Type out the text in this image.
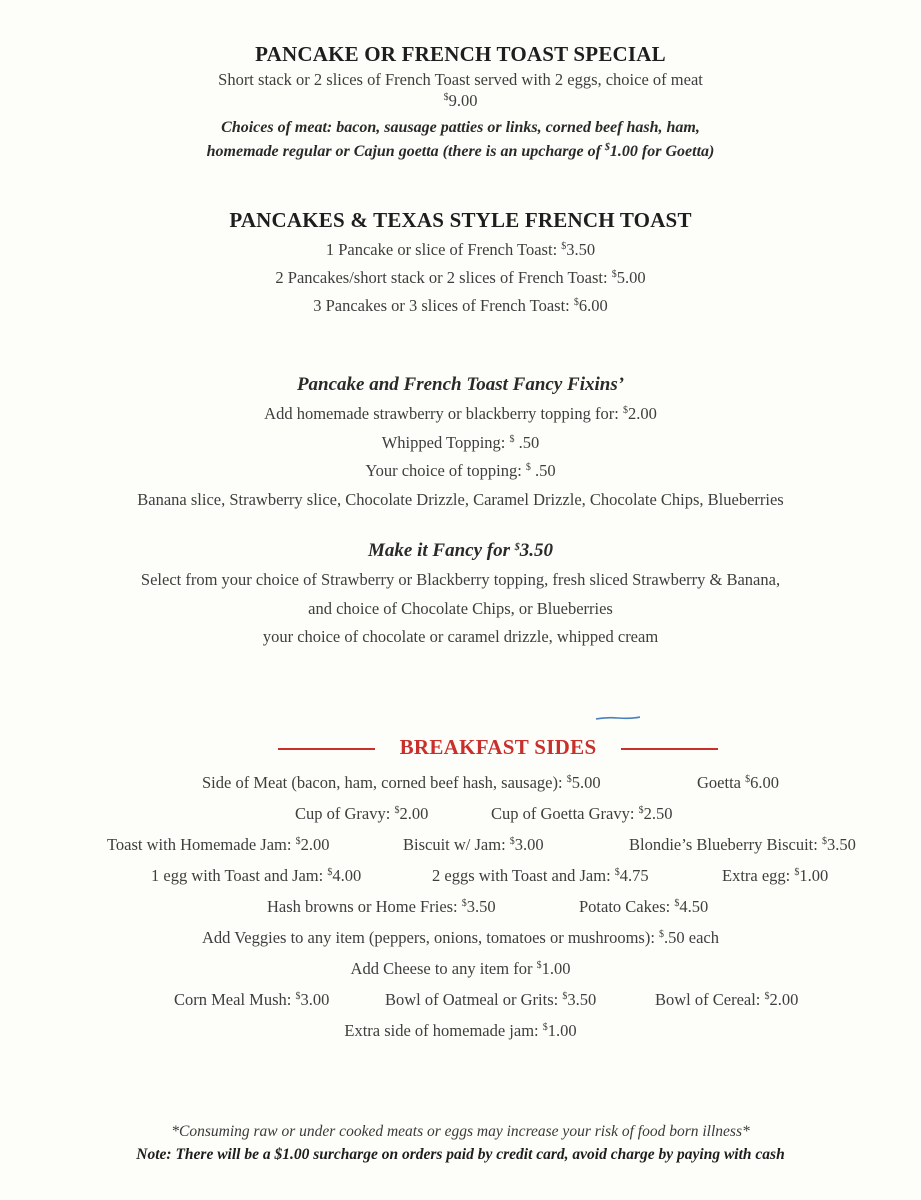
PANCAKE OR FRENCH TOAST SPECIAL
Short stack or 2 slices of French Toast served with 2 eggs, choice of meat
$9.00
Choices of meat: bacon, sausage patties or links, corned beef hash, ham,
homemade regular or Cajun goetta (there is an upcharge of $1.00 for Goetta)
PANCAKES & TEXAS STYLE FRENCH TOAST
1 Pancake or slice of French Toast: $3.50
2 Pancakes/short stack or 2 slices of French Toast: $5.00
3 Pancakes or 3 slices of French Toast: $6.00
Pancake and French Toast Fancy Fixins’
Add homemade strawberry or blackberry topping for: $2.00
Whipped Topping: $ .50
Your choice of topping: $ .50
Banana slice, Strawberry slice, Chocolate Drizzle, Caramel Drizzle, Chocolate Chips, Blueberries
Make it Fancy for $3.50
Select from your choice of Strawberry or Blackberry topping, fresh sliced Strawberry & Banana,
and choice of Chocolate Chips, or Blueberries
your choice of chocolate or caramel drizzle, whipped cream
BREAKFAST SIDES
Side of Meat (bacon, ham, corned beef hash, sausage): $5.00	Goetta $6.00
Cup of Gravy: $2.00	Cup of Goetta Gravy: $2.50
Toast with Homemade Jam: $2.00	Biscuit w/ Jam: $3.00	Blondie’s Blueberry Biscuit: $3.50
1 egg with Toast and Jam: $4.00	2 eggs with Toast and Jam: $4.75	Extra egg: $1.00
Hash browns or Home Fries: $3.50	Potato Cakes: $4.50
Add Veggies to any item (peppers, onions, tomatoes or mushrooms): $.50 each
Add Cheese to any item for $1.00
Corn Meal Mush: $3.00	Bowl of Oatmeal or Grits: $3.50	Bowl of Cereal: $2.00
Extra side of homemade jam: $1.00
*Consuming raw or under cooked meats or eggs may increase your risk of food born illness*
Note: There will be a $1.00 surcharge on orders paid by credit card, avoid charge by paying with cash
